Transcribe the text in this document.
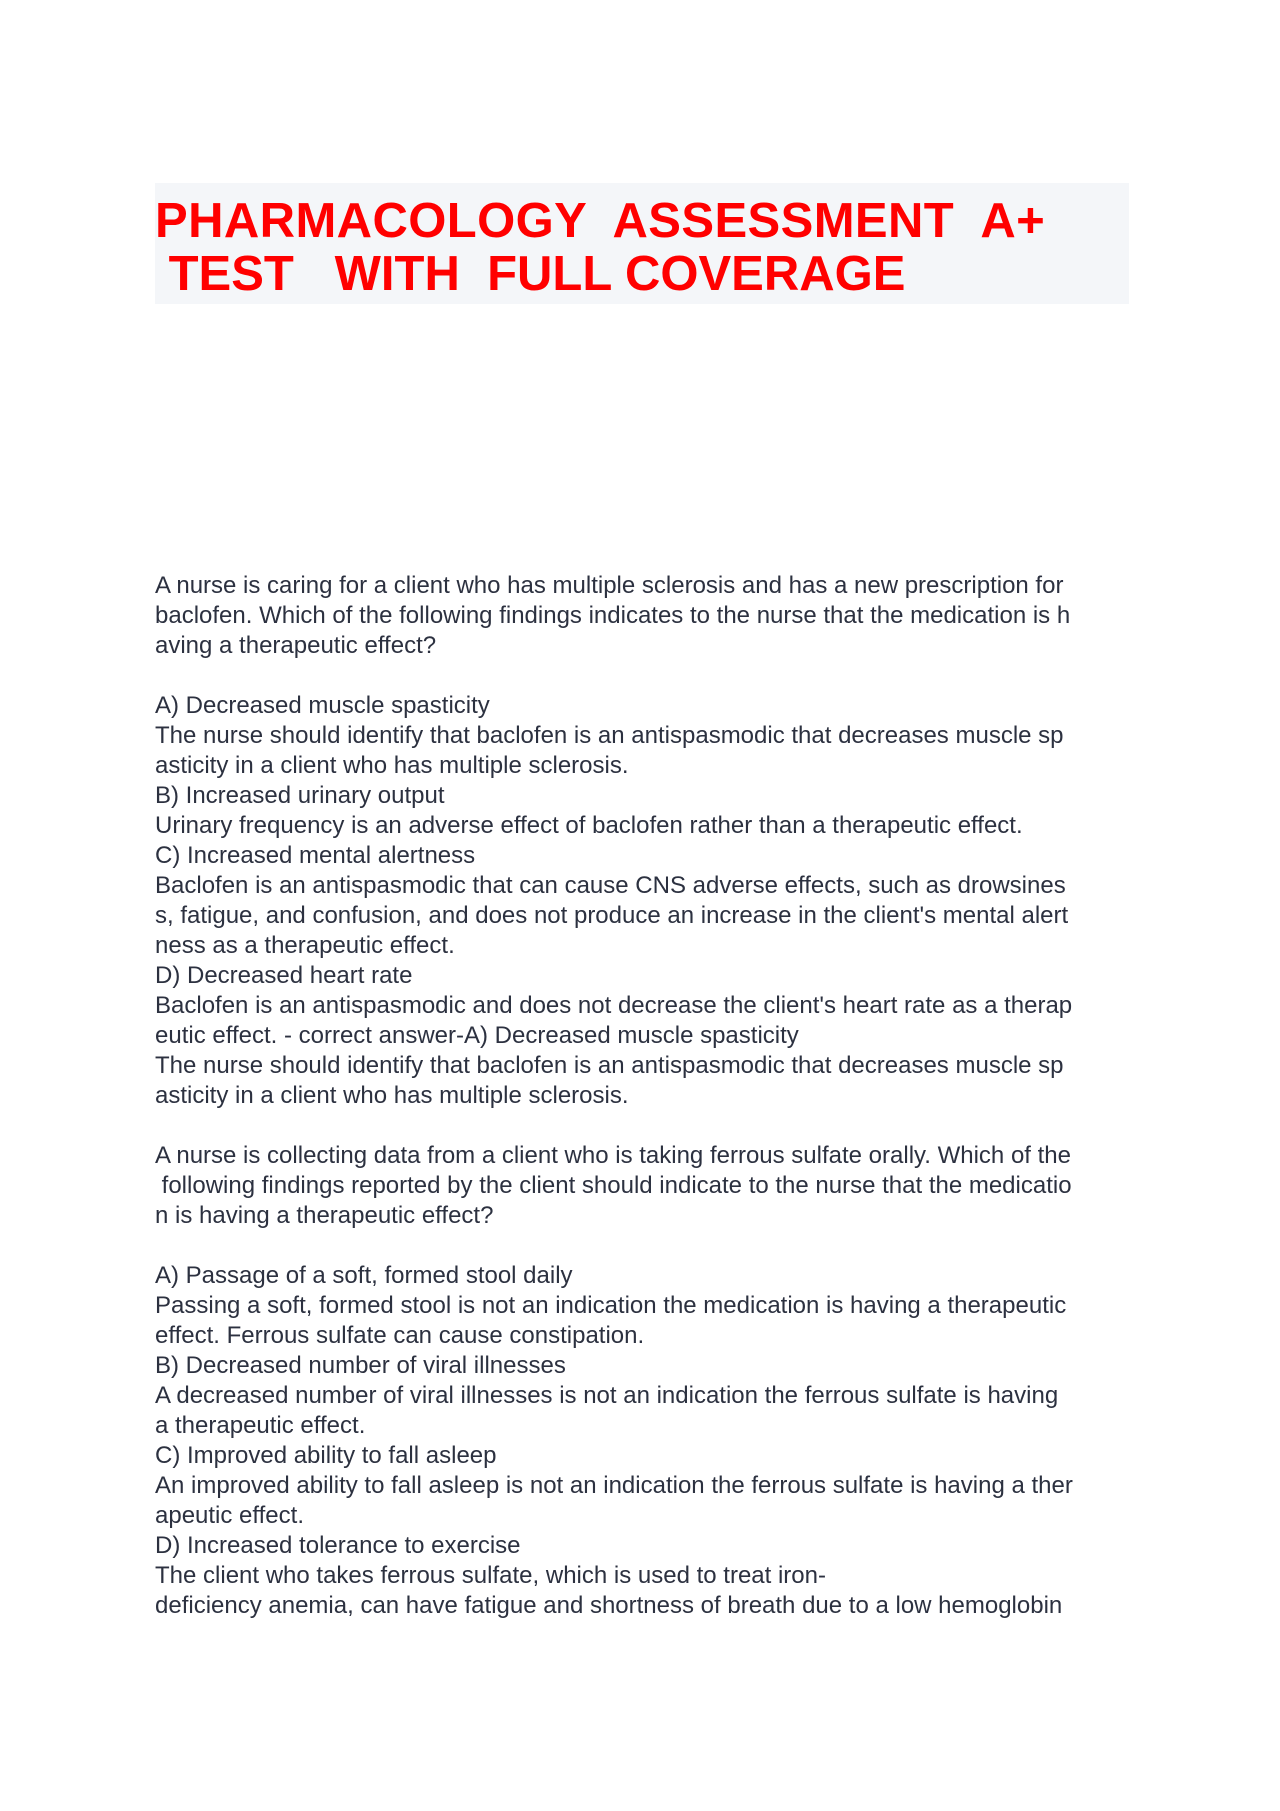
PHARMACOLOGY  ASSESSMENT  A+
TEST   WITH  FULL COVERAGE
A nurse is caring for a client who has multiple sclerosis and has a new prescription for
baclofen. Which of the following findings indicates to the nurse that the medication is h
aving a therapeutic effect?
A) Decreased muscle spasticity
The nurse should identify that baclofen is an antispasmodic that decreases muscle sp
asticity in a client who has multiple sclerosis.
B) Increased urinary output
Urinary frequency is an adverse effect of baclofen rather than a therapeutic effect.
C) Increased mental alertness
Baclofen is an antispasmodic that can cause CNS adverse effects, such as drowsines
s, fatigue, and confusion, and does not produce an increase in the client's mental alert
ness as a therapeutic effect.
D) Decreased heart rate
Baclofen is an antispasmodic and does not decrease the client's heart rate as a therap
eutic effect. - correct answer-A) Decreased muscle spasticity
The nurse should identify that baclofen is an antispasmodic that decreases muscle sp
asticity in a client who has multiple sclerosis.
A nurse is collecting data from a client who is taking ferrous sulfate orally. Which of the
following findings reported by the client should indicate to the nurse that the medicatio
n is having a therapeutic effect?
A) Passage of a soft, formed stool daily
Passing a soft, formed stool is not an indication the medication is having a therapeutic
effect. Ferrous sulfate can cause constipation.
B) Decreased number of viral illnesses
A decreased number of viral illnesses is not an indication the ferrous sulfate is having
a therapeutic effect.
C) Improved ability to fall asleep
An improved ability to fall asleep is not an indication the ferrous sulfate is having a ther
apeutic effect.
D) Increased tolerance to exercise
The client who takes ferrous sulfate, which is used to treat iron-
deficiency anemia, can have fatigue and shortness of breath due to a low hemoglobin
